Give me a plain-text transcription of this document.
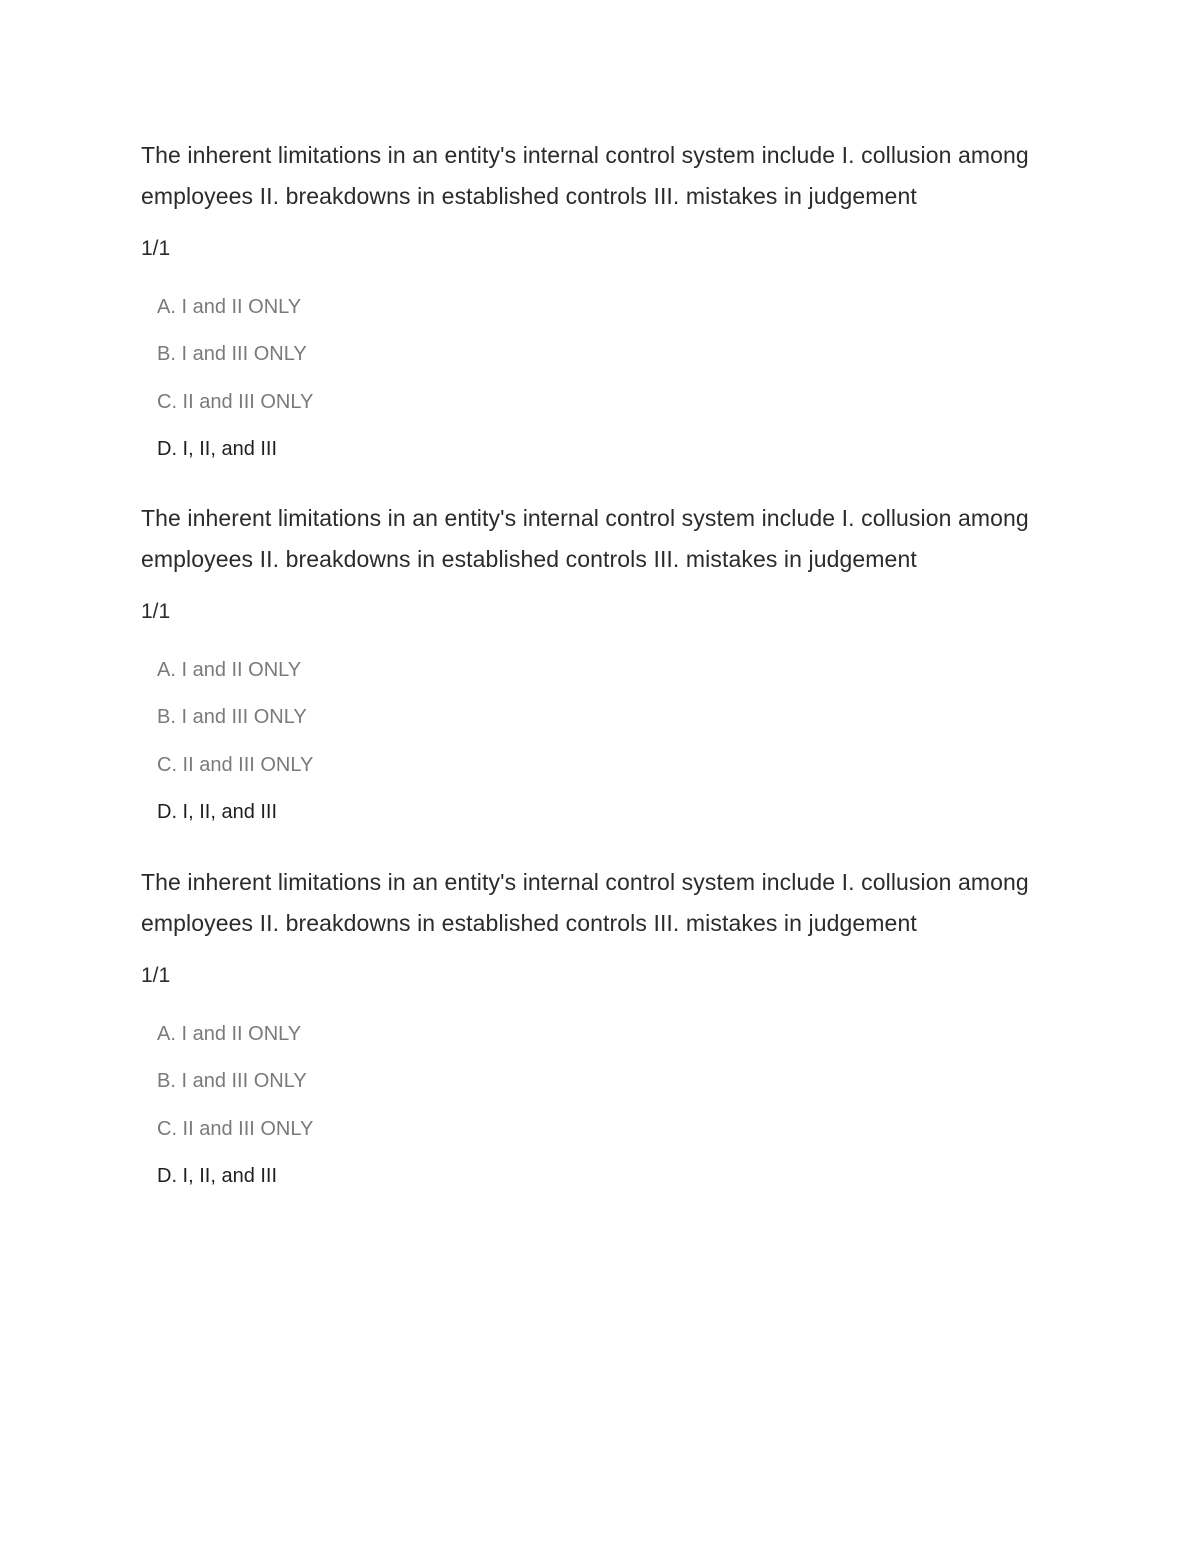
The inherent limitations in an entity's internal control system include I. collusion among employees II. breakdowns in established controls III. mistakes in judgement

1/1

A. I and II ONLY
B. I and III ONLY
C. II and III ONLY
D. I, II, and III

The inherent limitations in an entity's internal control system include I. collusion among employees II. breakdowns in established controls III. mistakes in judgement

1/1

A. I and II ONLY
B. I and III ONLY
C. II and III ONLY
D. I, II, and III

The inherent limitations in an entity's internal control system include I. collusion among employees II. breakdowns in established controls III. mistakes in judgement

1/1

A. I and II ONLY
B. I and III ONLY
C. II and III ONLY
D. I, II, and III
